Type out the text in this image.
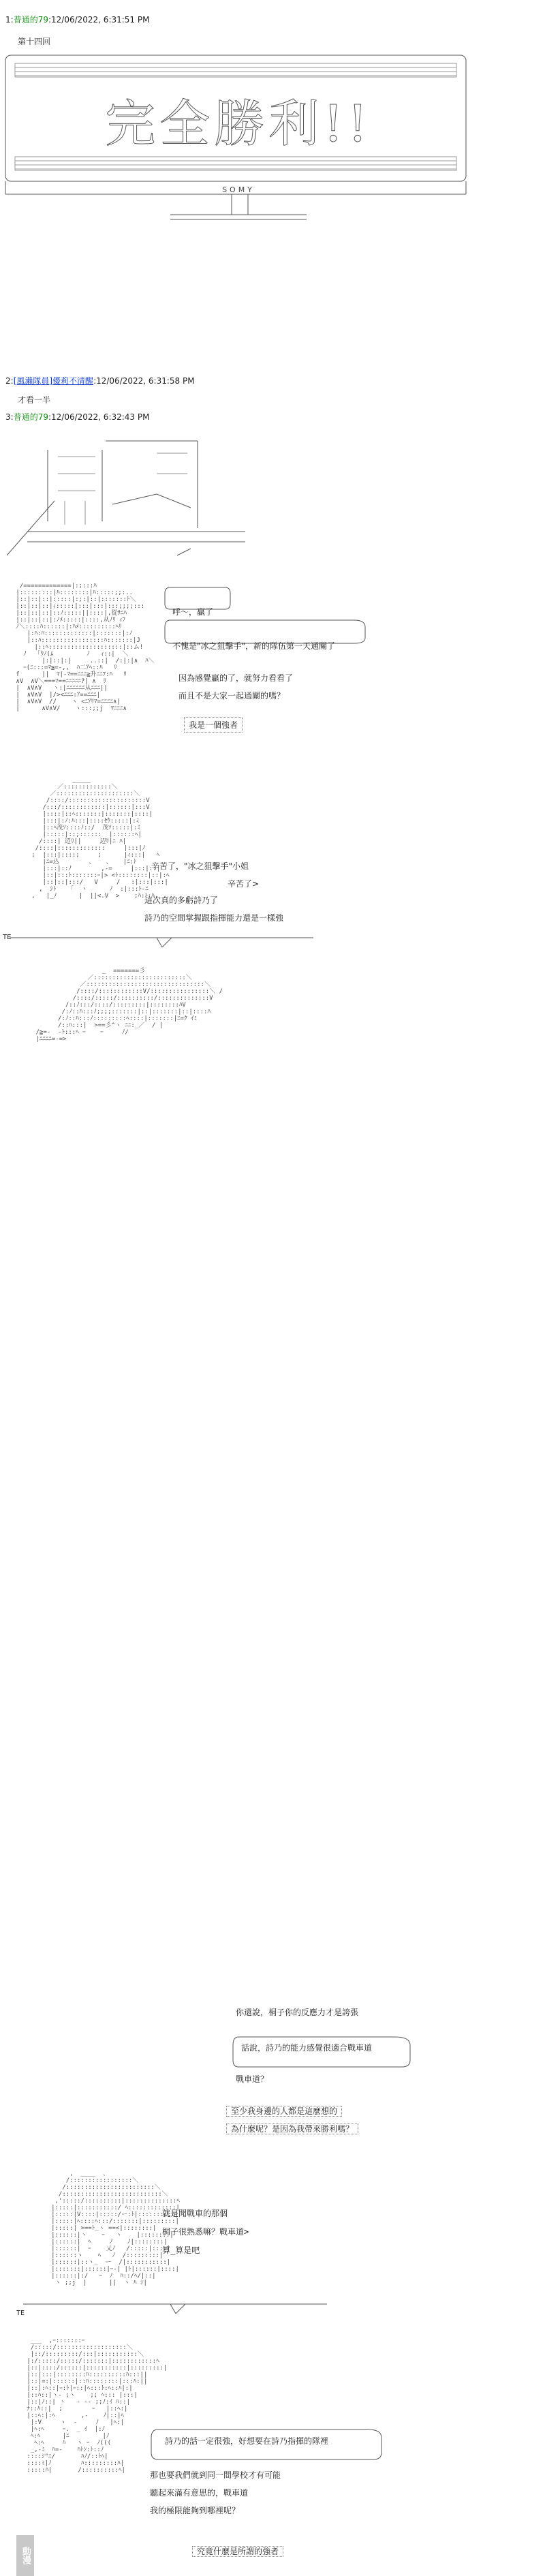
1:普通的79:12/06/2022, 6:31:51 PM
第十四回
完全勝利!!
SOMY
2:[風瀨隊員]優莉不清醒:12/06/2022, 6:31:58 PM
才看一半
3:普通的79:12/06/2022, 6:32:43 PM
/=============|:;:::ﾊ
|:::::::::|ﾊ::::::::|ﾊ:::::;;:..
|::|::|::|:::::|:;:|::|:::::::ﾄ＼
|::|::|::|ｨ:::::|:::|:::|:::;;;;:::
|::|::|::|::ﾉ:::::||::::|,從ｻﾆﾊ
|::|::|::|:ﾉﾒ:::::|::::,从ﾉﾘ ｨﾌ
ﾉ＼::::ﾊ::::::|:ﾊﾒ::::::::::ﾍﾘ
|:ﾊ:ﾊ:::::::::::::|:::::::|:ﾉ
|::ﾊ:::::::::::::::::ﾊ:::::::|J
|::ﾍ::::::::::::::::::::|::ム!
ﾉ   ｢ｳﾉ(ﾑ         ﾉ   ｨ::|  ＼
|:|::|:|     ..::|  /:|:|∧  ﾊ＼
ｰ(ﾆ:::=ﾏ≦=-,,  ﾊ二ｱﾍ::ﾊ   ﾘ
f      ||  ﾏ|-ﾏ==ﾆﾆﾆ≧升ﾆﾆﾌ:ﾊ   ﾘ
∧V  ∧V＼===ﾏ==ﾆﾆﾆﾆﾆ?| ∧  ﾘ
|  ∧V∧V   ヽ:|ﾆﾆﾆﾆﾆﾆ从ﾆﾆﾆ||
|  ∧V∧V  |/><ﾆﾆﾆ:ｱ==ﾆﾆﾆ|
|  ∧V∧V  //    ヽ <ﾆｱﾘﾏ=ﾆﾆﾆﾆ∧|
|      ∧V∧V/    ヽ:::;;j  ﾏﾆﾆﾆ∧
呼～，贏了
不愧是"冰之狙擊手"，新的隊伍第一天通關了
因為感覺贏的了，就努力看看了
而且不是大家一起通關的嗎？
我是一個強者
_____
／:::::::::::::＼
／:::::::::::::::::::::＼
/::::/:::::::::::::::::::::V
/:::/::::::::::::|::::::|:::V
|::::|::ﾍ:::::::|:::::::|::::|
|:::|:ﾉ:ﾊ:::|::::ｾｳ:::::|:ﾐ
|::ﾍ茂ｿ::::ﾉ::/  茂ｿ:::::|:ﾐ
|:::::|::;::::::  |::::::ﾍ|
/::::| 辺ﾘ||     辺ﾘ|ﾆ ﾊ|
/::::|:::::::::::::     |:::|ﾉ
;  |:::|::::;     ;      |ｨ:::|   ﾍ
|ﾆ=込        、   、   |ﾆ:ﾄ
|:::|::ﾉ        ,-=     |:::|::|
|::|:::ﾄ:::::::ｰ|> <ﾄ::::::::|::|:ﾍ
|::|::|:::/   V     /   :|:::|:::|
,  ｼﾄ    ｢  ヽ      ﾉ  :|:::ﾄ-ﾆ
,   |_ﾉ      |  ||<.V  >    ;ﾊ:ﾄ:ﾊ.
TE
辛苦了，"冰之狙擊手"小姐
辛苦了>
這次真的多虧詩乃了
詩乃的空間掌握跟指揮能力還是一樣強
_  =======彡
／:::::::::::::::::::::::::＼
／::::::::::::::::::::::::::::::::＼
/::::/::::::::::::V/::::::::::::::::＼ /
/::::/:::::/::::::::::/::::::::::::::V
/::ﾉ:::/::::/:::::::::|::::::::ﾊV
/:ﾉ::ﾊ:::ﾉ;;;;:::::::|::|:::::::|::|::::ﾊ
/:ﾉ::ﾊ:::ﾉ:::::::::ﾍ::::|:::::::|ﾆ=ｸ ｲﾐ
/::ﾊ:::|  >==彡^ヽ ﾆﾆ:_／  / |
/≧=-  -ﾄ:::ﾍ ｰ    ｰ     ﾉ/
|ﾆﾆﾆﾆ=-=>

你還說，桐子你的反應力才是誇張

話說，詩乃的能力感覺很適合戰車道

戰車道？

至少我身邊的人都是這麼想的

為什麼呢？是因為我帶來勝利嗎？

,  ____  、
/:::::::::::::::::＼
/::::::::::::::::::::::::＼
/:::::::::::::::::::::::::::＼
,':::::/::::::::::|::::::::::::::ﾍ
|:::::|:::::::::::/ ﾍ:::::::::::::|
|:::::|V::::|:::::/ー:ﾄ|::::::::::|
|:::::|ﾍ::::ﾍ:::/:::::::|:::::::::|
|:::::| >==ﾄ_ヽ ==<|::::::::|
|::::::|ヽ    ｰ   ヽ    |::::::::|
|::::::|  ﾍ     ﾉ    ﾉ|::::::::|
|::::::|  ｰ    乂ﾉ   /:::::|::::|
|::::::ヽ    ﾍ   ﾉ  /:::::::::|
|::::::|::ヽ_  ー  /|:::::::::::|
|:::::::|::::::|ｰ-| |ﾄ|::::::|::::|
|::::::|:/   ｰ  ﾉ  ﾊ::/ﾍ/|::|
ヽ ;;j  |      ||  ヽ ﾊ ｼ|

TE

就是聞戰車的那個

桐子很熟悉嘛？戰車道>

算_算是吧

___  ,ｰ:::::::ｰ
/:::::/:::::::::::::::::::＼
|::/:::::::::/:::|:::::::::::＼
|:/:::::/:::::/:::::::|::::::::::::ﾍ
|::|::::/::::::|:::::::::::|:::::::::|
|::|:::|::::::::ﾊ::::::::::ﾊ:::||
|::|=:|::::::|::ﾊ::::::::|:::ﾊ:||
|::|:ﾍ::|ｰ:ﾄ|ｰ::|ﾍ:::ﾄ:ﾍ::ﾊ|:|
|::ﾊ::|ヽ- ;ヽ    ;; ﾍ::: |:::|
|::|ﾉ::| ヽ   - -- ;;ﾉ:ｲ ﾊ::|
ﾅ::ﾊ::|  ;        ｰ   |::ﾍ:|
|::ﾍ:|:ﾍ       ,-    ﾉ|::|ﾍ
|:V     ヽ  -     ﾉ   |ﾍ:|
|ﾍ:ﾍ     ｰ.  _ ｲ  |:ﾉ
ﾍ:ﾍ      |ﾆ         |ﾉ
ﾍ:ﾍ     ﾊ   ヽ ｰ  ﾉ(((
_,-ﾐ  ﾊ=-    ﾊﾄｼ:ﾄ::ﾉ
::::ｼ"ﾆ/       ﾊﾉ/::ﾄﾍ|
::::ﾐ|ﾉ        ﾊ:::::::::ﾊ|
:::::ﾊ|       /::::::::::ﾍ|

詩乃的話一定很強，好想要在詩乃指揮的隊裡

那也要我們就到同一間學校才有可能

聽起來滿有意思的，戰車道

我的極限能夠到哪裡呢？

究竟什麼是所謂的強者

動漫
